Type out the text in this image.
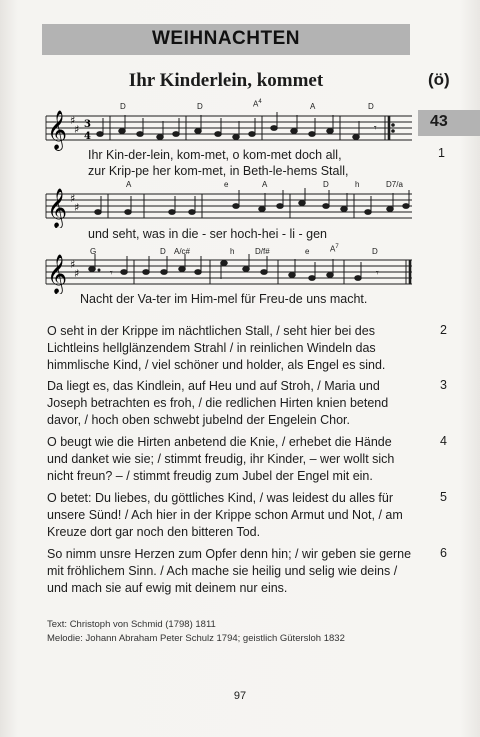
WEIHNACHTEN
Ihr Kinderlein, kommet	(ö)
43
D	D	$A^4$	A	D
𝄞 ♯
♯ 3
4
𝄾
1
Ihr Kin-der-lein, kom-met, o kom-met doch all,
zur Krip-pe her kom-met, in Beth-le-hems Stall,
A	e	A	D	h	D7/a
𝄞 ♯
♯
und seht, was in die - ser hoch-hei - li - gen
G	D A/c#	h	D/f#	e	$A^7$	D
𝄞 ♯
♯	𝄾	𝄾
Nacht der Va-ter im Him-mel für Freu-de uns macht.
O seht in der Krippe im nächtlichen Stall, / seht hier bei des Lichtleins hellglänzendem Strahl / in reinlichen Windeln das himmlische Kind, / viel schöner und holder, als Engel es sind.
2
Da liegt es, das Kindlein, auf Heu und auf Stroh, / Maria und Joseph betrachten es froh, / die redlichen Hirten knien betend davor, / hoch oben schwebt jubelnd der Engelein Chor.
3
O beugt wie die Hirten anbetend die Knie, / erhebet die Hände und danket wie sie; / stimmt freudig, ihr Kinder, – wer wollt sich nicht freun? – / stimmt freudig zum Jubel der Engel mit ein.
4
O betet: Du liebes, du göttliches Kind, / was leidest du alles für unsere Sünd! / Ach hier in der Krippe schon Armut und Not, / am Kreuze dort gar noch den bitteren Tod.
5
So nimm unsre Herzen zum Opfer denn hin; / wir geben sie gerne mit fröhlichem Sinn. / Ach mache sie heilig und selig wie deins / und mach sie auf ewig mit deinem nur eins.
6
Text: Christoph von Schmid (1798) 1811
Melodie: Johann Abraham Peter Schulz 1794; geistlich Gütersloh 1832
97
